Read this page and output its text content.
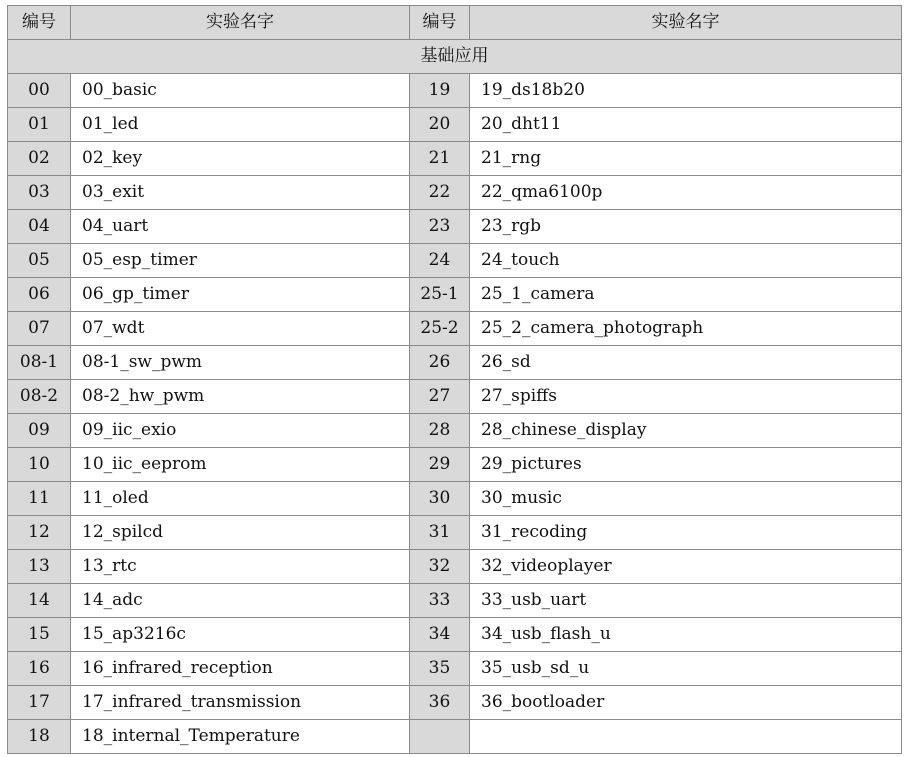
编号	实验名字	编号	实验名字
基础应用			
00	00_basic	19	19_ds18b20
01	01_led	20	20_dht11
02	02_key	21	21_rng
03	03_exit	22	22_qma6100p
04	04_uart	23	23_rgb
05	05_esp_timer	24	24_touch
06	06_gp_timer	25-1	25_1_camera
07	07_wdt	25-2	25_2_camera_photograph
08-1	08-1_sw_pwm	26	26_sd
08-2	08-2_hw_pwm	27	27_spiffs
09	09_iic_exio	28	28_chinese_display
10	10_iic_eeprom	29	29_pictures
11	11_oled	30	30_music
12	12_spilcd	31	31_recoding
13	13_rtc	32	32_videoplayer
14	14_adc	33	33_usb_uart
15	15_ap3216c	34	34_usb_flash_u
16	16_infrared_reception	35	35_usb_sd_u
17	17_infrared_transmission	36	36_bootloader
18	18_internal_Temperature		
